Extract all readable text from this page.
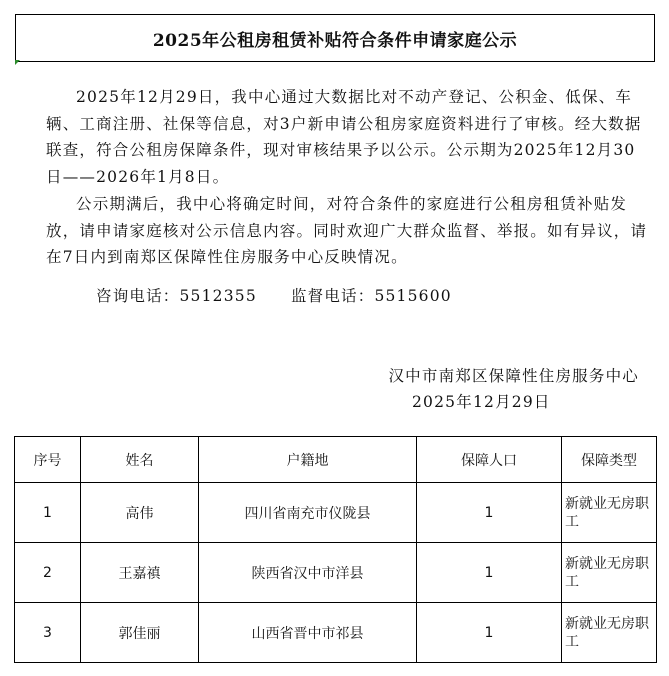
2025年公租房租赁补贴符合条件申请家庭公示

2025年12月29日，我中心通过大数据比对不动产登记、公积金、低保、车辆、工商注册、社保等信息，对3户新申请公租房家庭资料进行了审核。经大数据联查，符合公租房保障条件，现对审核结果予以公示。公示期为2025年12月30日——2026年1月8日。

公示期满后，我中心将确定时间，对符合条件的家庭进行公租房租赁补贴发放，请申请家庭核对公示信息内容。同时欢迎广大群众监督、举报。如有异议，请在7日内到南郑区保障性住房服务中心反映情况。

咨询电话：5512355 监督电话：5515600
汉中市南郑区保障性住房服务中心
2025年12月29日
序号	姓名	户籍地	保障人口	保障类型
1	高伟	四川省南充市仪陇县	1	新就业无房职工
2	王嘉禛	陕西省汉中市洋县	1	新就业无房职工
3	郭佳丽	山西省晋中市祁县	1	新就业无房职工
